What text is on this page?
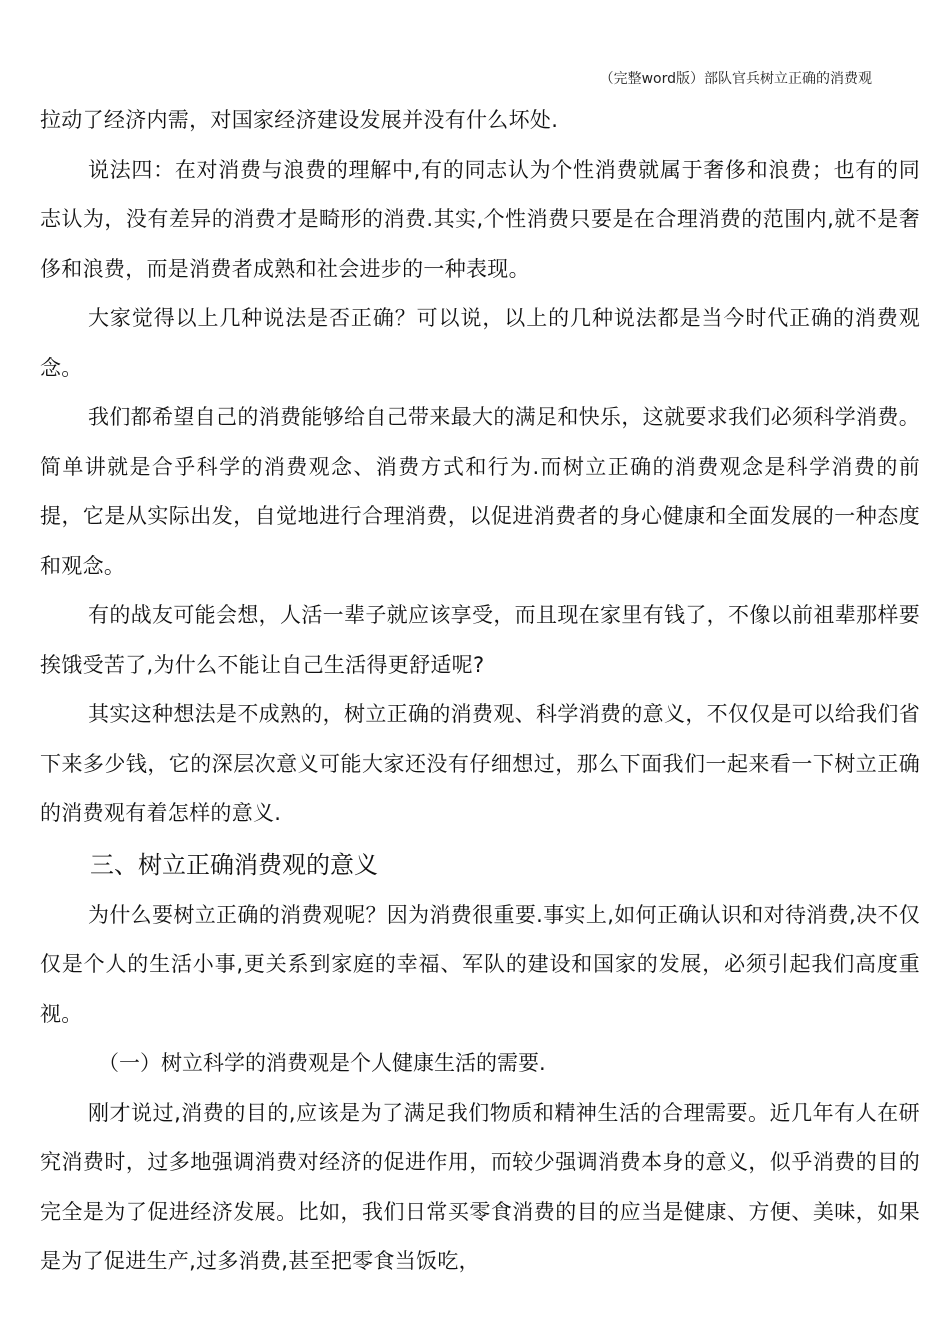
（完整word版）部队官兵树立正确的消费观

拉动了经济内需，对国家经济建设发展并没有什么坏处.

说法四：在对消费与浪费的理解中,有的同志认为个性消费就属于奢侈和浪费；也有的同志认为，没有差异的消费才是畸形的消费.其实,个性消费只要是在合理消费的范围内,就不是奢侈和浪费，而是消费者成熟和社会进步的一种表现。

大家觉得以上几种说法是否正确？可以说，以上的几种说法都是当今时代正确的消费观念。

我们都希望自己的消费能够给自己带来最大的满足和快乐，这就要求我们必须科学消费。简单讲就是合乎科学的消费观念、消费方式和行为.而树立正确的消费观念是科学消费的前提，它是从实际出发，自觉地进行合理消费，以促进消费者的身心健康和全面发展的一种态度和观念。

有的战友可能会想，人活一辈子就应该享受，而且现在家里有钱了，不像以前祖辈那样要挨饿受苦了,为什么不能让自己生活得更舒适呢?

其实这种想法是不成熟的，树立正确的消费观、科学消费的意义，不仅仅是可以给我们省下来多少钱，它的深层次意义可能大家还没有仔细想过，那么下面我们一起来看一下树立正确的消费观有着怎样的意义.

三、树立正确消费观的意义

为什么要树立正确的消费观呢？因为消费很重要.事实上,如何正确认识和对待消费,决不仅仅是个人的生活小事,更关系到家庭的幸福、军队的建设和国家的发展，必须引起我们高度重视。

（一）树立科学的消费观是个人健康生活的需要.

刚才说过,消费的目的,应该是为了满足我们物质和精神生活的合理需要。近几年有人在研究消费时，过多地强调消费对经济的促进作用，而较少强调消费本身的意义，似乎消费的目的完全是为了促进经济发展。比如，我们日常买零食消费的目的应当是健康、方便、美味，如果是为了促进生产,过多消费,甚至把零食当饭吃，
